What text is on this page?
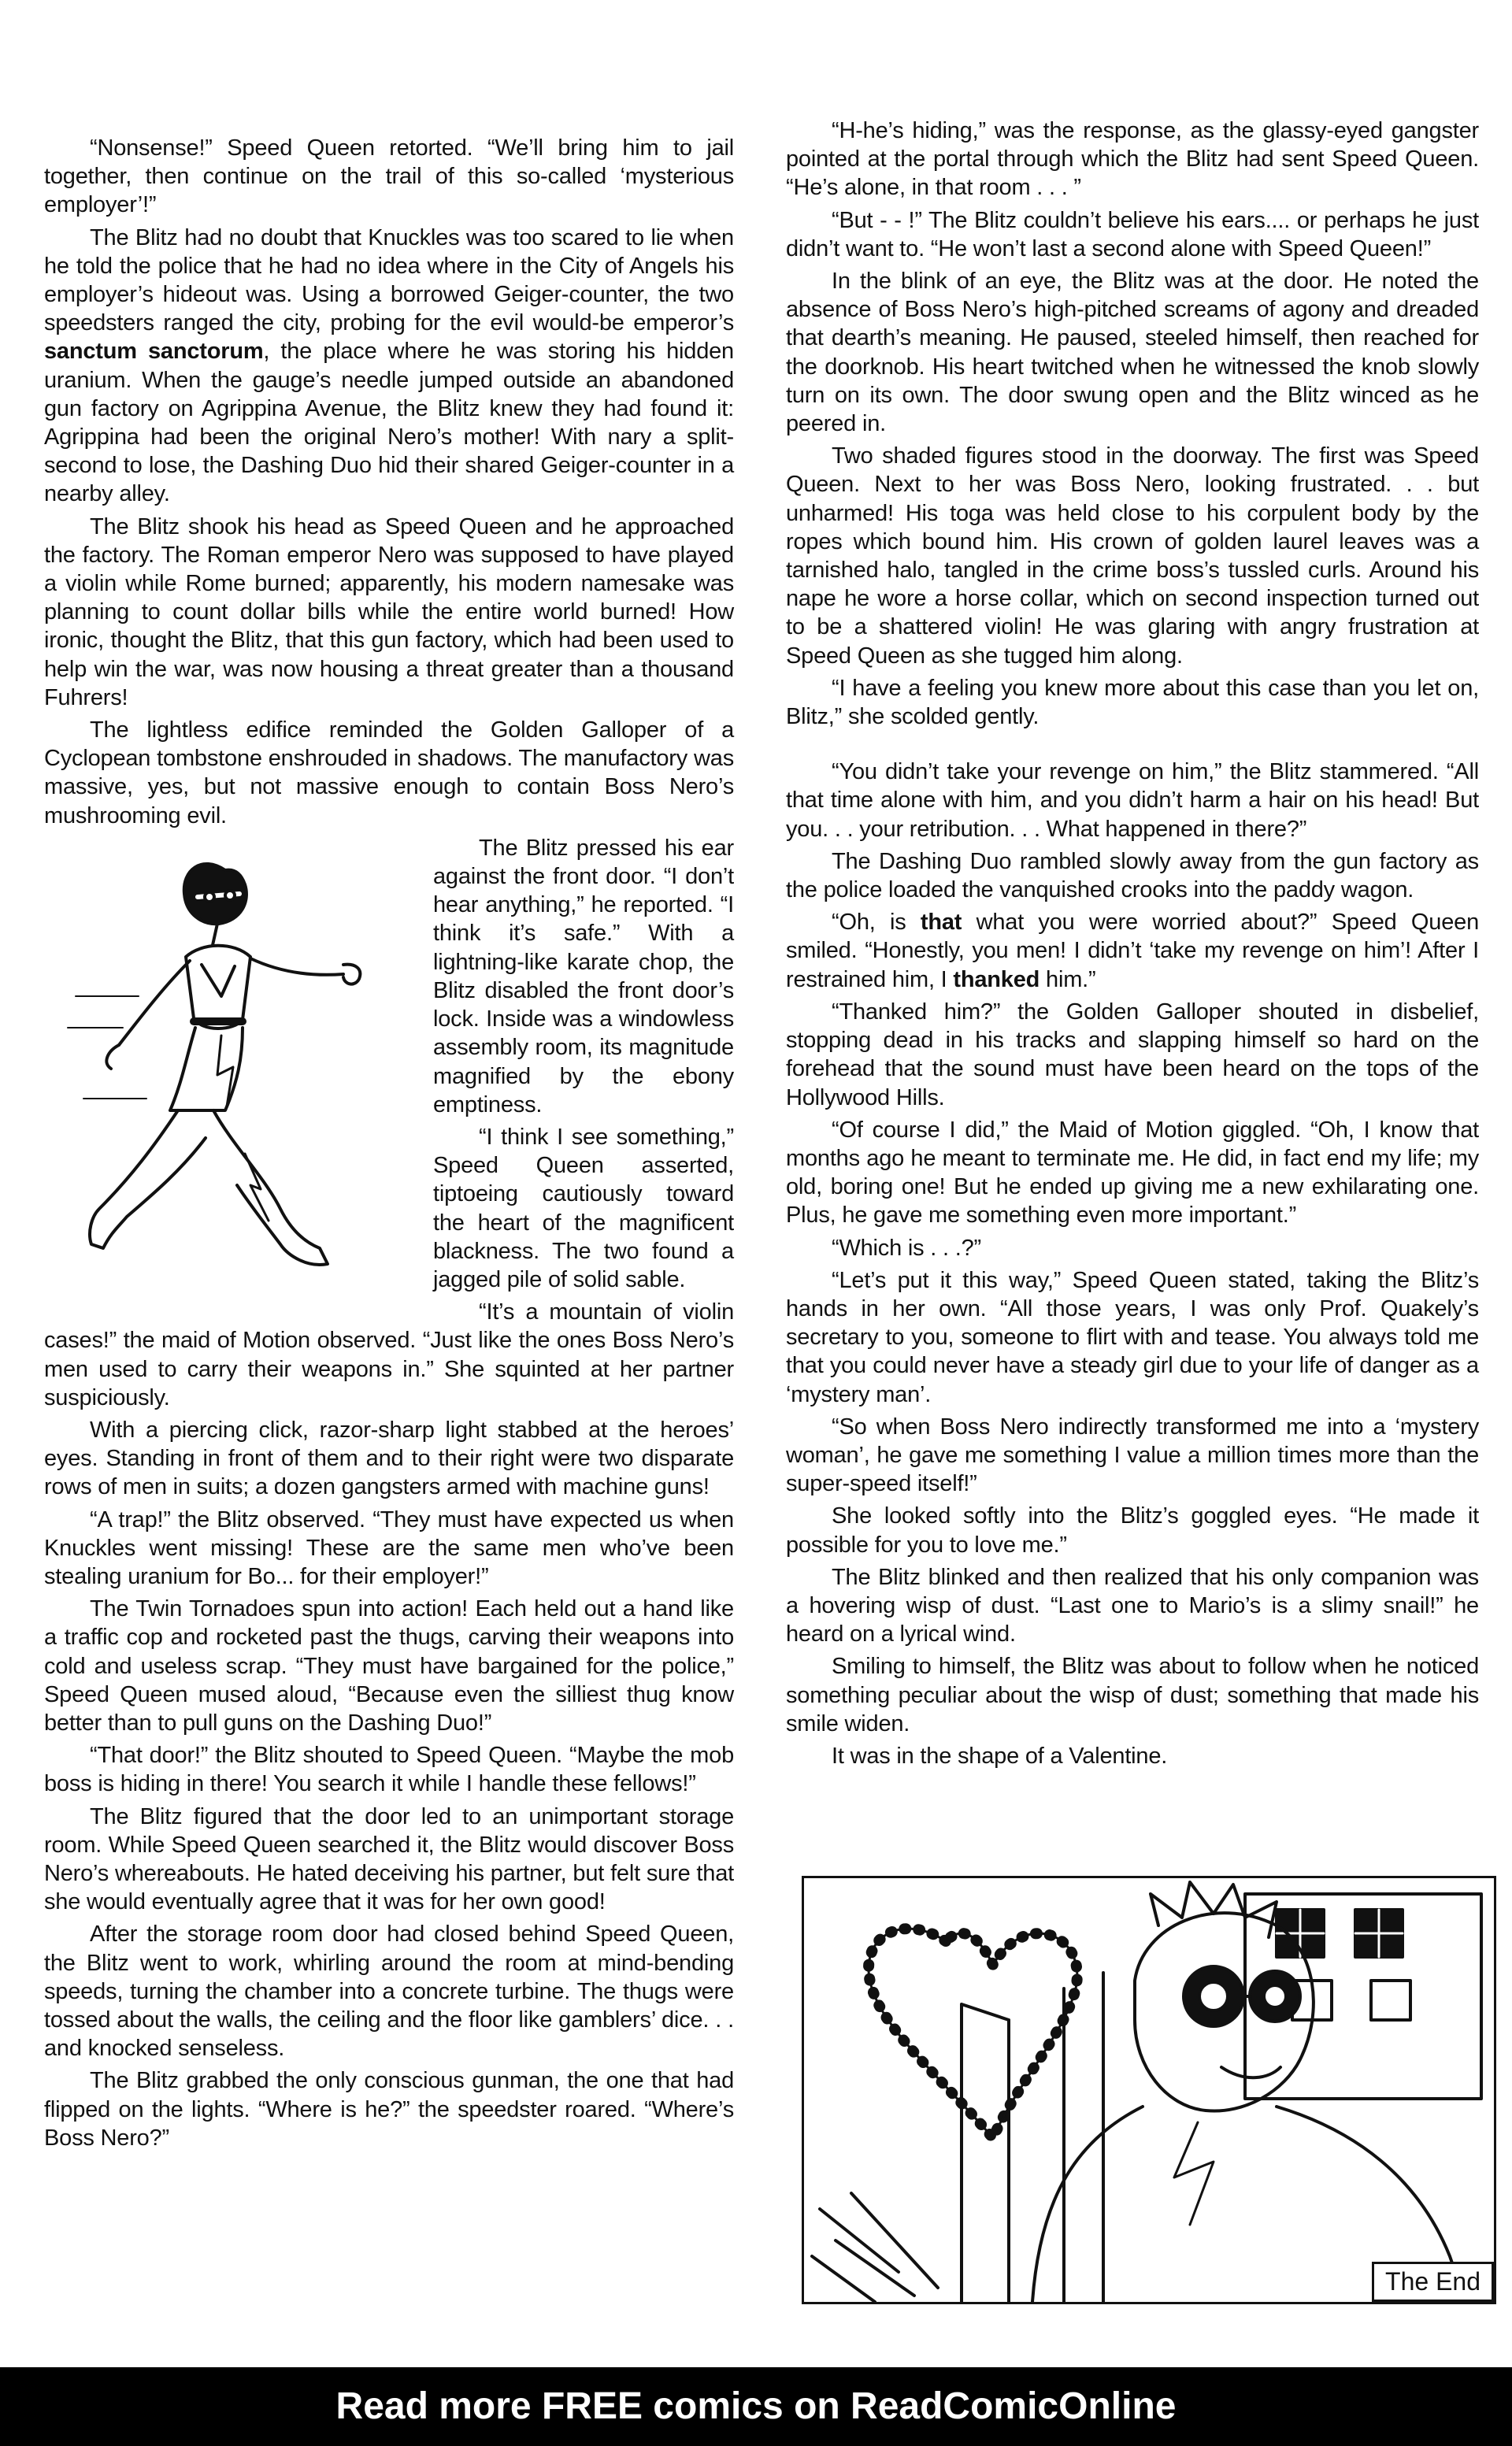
“Nonsense!” Speed Queen retorted. “We’ll bring him to jail together, then continue on the trail of this so-called ‘mysterious employer’!”

The Blitz had no doubt that Knuckles was too scared to lie when he told the police that he had no idea where in the City of Angels his employer’s hideout was. Using a borrowed Geiger-counter, the two speedsters ranged the city, probing for the evil would-be emperor’s sanctum sanctorum, the place where he was storing his hidden uranium. When the gauge’s needle jumped outside an abandoned gun factory on Agrippina Avenue, the Blitz knew they had found it: Agrippina had been the original Nero’s mother! With nary a split-second to lose, the Dashing Duo hid their shared Geiger-counter in a nearby alley.

The Blitz shook his head as Speed Queen and he approached the factory. The Roman emperor Nero was supposed to have played a violin while Rome burned; apparently, his modern namesake was planning to count dollar bills while the entire world burned! How ironic, thought the Blitz, that this gun factory, which had been used to help win the war, was now housing a threat greater than a thousand Fuhrers!

The lightless edifice reminded the Golden Galloper of a Cyclopean tombstone enshrouded in shadows. The manufactory was massive, yes, but not massive enough to contain Boss Nero’s mushrooming evil.

The Blitz pressed his ear against the front door. “I don’t hear anything,” he reported. “I think it’s safe.” With a lightning-like karate chop, the Blitz disabled the front door’s lock. Inside was a windowless assembly room, its magnitude magnified by the ebony emptiness.

“I think I see something,” Speed Queen asserted, tiptoeing cautiously toward the heart of the magnificent blackness. The two found a jagged pile of solid sable.

“It’s a mountain of violin cases!” the maid of Motion observed. “Just like the ones Boss Nero’s men used to carry their weapons in.” She squinted at her partner suspiciously.

With a piercing click, razor-sharp light stabbed at the heroes’ eyes. Standing in front of them and to their right were two disparate rows of men in suits; a dozen gangsters armed with machine guns!

“A trap!” the Blitz observed. “They must have expected us when Knuckles went missing! These are the same men who’ve been stealing uranium for Bo... for their employer!”

The Twin Tornadoes spun into action! Each held out a hand like a traffic cop and rocketed past the thugs, carving their weapons into cold and useless scrap. “They must have bargained for the police,” Speed Queen mused aloud, “Because even the silliest thug know better than to pull guns on the Dashing Duo!”

“That door!” the Blitz shouted to Speed Queen. “Maybe the mob boss is hiding in there! You search it while I handle these fellows!”

The Blitz figured that the door led to an unimportant storage room. While Speed Queen searched it, the Blitz would discover Boss Nero’s whereabouts. He hated deceiving his partner, but felt sure that she would eventually agree that it was for her own good!

After the storage room door had closed behind Speed Queen, the Blitz went to work, whirling around the room at mind-bending speeds, turning the chamber into a concrete turbine. The thugs were tossed about the walls, the ceiling and the floor like gamblers’ dice. . . and knocked senseless.

The Blitz grabbed the only conscious gunman, the one that had flipped on the lights. “Where is he?” the speedster roared. “Where’s Boss Nero?”

“H-he’s hiding,” was the response, as the glassy-eyed gangster pointed at the portal through which the Blitz had sent Speed Queen. “He’s alone, in that room . . . ”

“But - - !” The Blitz couldn’t believe his ears.... or perhaps he just didn’t want to. “He won’t last a second alone with Speed Queen!”

In the blink of an eye, the Blitz was at the door. He noted the absence of Boss Nero’s high-pitched screams of agony and dreaded that dearth’s meaning. He paused, steeled himself, then reached for the doorknob. His heart twitched when he witnessed the knob slowly turn on its own. The door swung open and the Blitz winced as he peered in.

Two shaded figures stood in the doorway. The first was Speed Queen. Next to her was Boss Nero, looking frustrated. . . but unharmed! His toga was held close to his corpulent body by the ropes which bound him. His crown of golden laurel leaves was a tarnished halo, tangled in the crime boss’s tussled curls. Around his nape he wore a horse collar, which on second inspection turned out to be a shattered violin! He was glaring with angry frustration at Speed Queen as she tugged him along.

“I have a feeling you knew more about this case than you let on, Blitz,” she scolded gently.

“You didn’t take your revenge on him,” the Blitz stammered. “All that time alone with him, and you didn’t harm a hair on his head! But you. . . your retribution. . . What happened in there?”

The Dashing Duo rambled slowly away from the gun factory as the police loaded the vanquished crooks into the paddy wagon.

“Oh, is that what you were worried about?” Speed Queen smiled. “Honestly, you men! I didn’t ‘take my revenge on him’! After I restrained him, I thanked him.”

“Thanked him?” the Golden Galloper shouted in disbelief, stopping dead in his tracks and slapping himself so hard on the forehead that the sound must have been heard on the tops of the Hollywood Hills.

“Of course I did,” the Maid of Motion giggled. “Oh, I know that months ago he meant to terminate me. He did, in fact end my life; my old, boring one! But he ended up giving me a new exhilarating one. Plus, he gave me something even more important.”

“Which is . . .?”

“Let’s put it this way,” Speed Queen stated, taking the Blitz’s hands in her own. “All those years, I was only Prof. Quakely’s secretary to you, someone to flirt with and tease. You always told me that you could never have a steady girl due to your life of danger as a ‘mystery man’.

“So when Boss Nero indirectly transformed me into a ‘mystery woman’, he gave me something I value a million times more than the super-speed itself!”

She looked softly into the Blitz’s goggled eyes. “He made it possible for you to love me.”

The Blitz blinked and then realized that his only companion was a hovering wisp of dust. “Last one to Mario’s is a slimy snail!” he heard on a lyrical wind.

Smiling to himself, the Blitz was about to follow when he noticed something peculiar about the wisp of dust; something that made his smile widen.

It was in the shape of a Valentine.

The End
Read more FREE comics on ReadComicOnline
